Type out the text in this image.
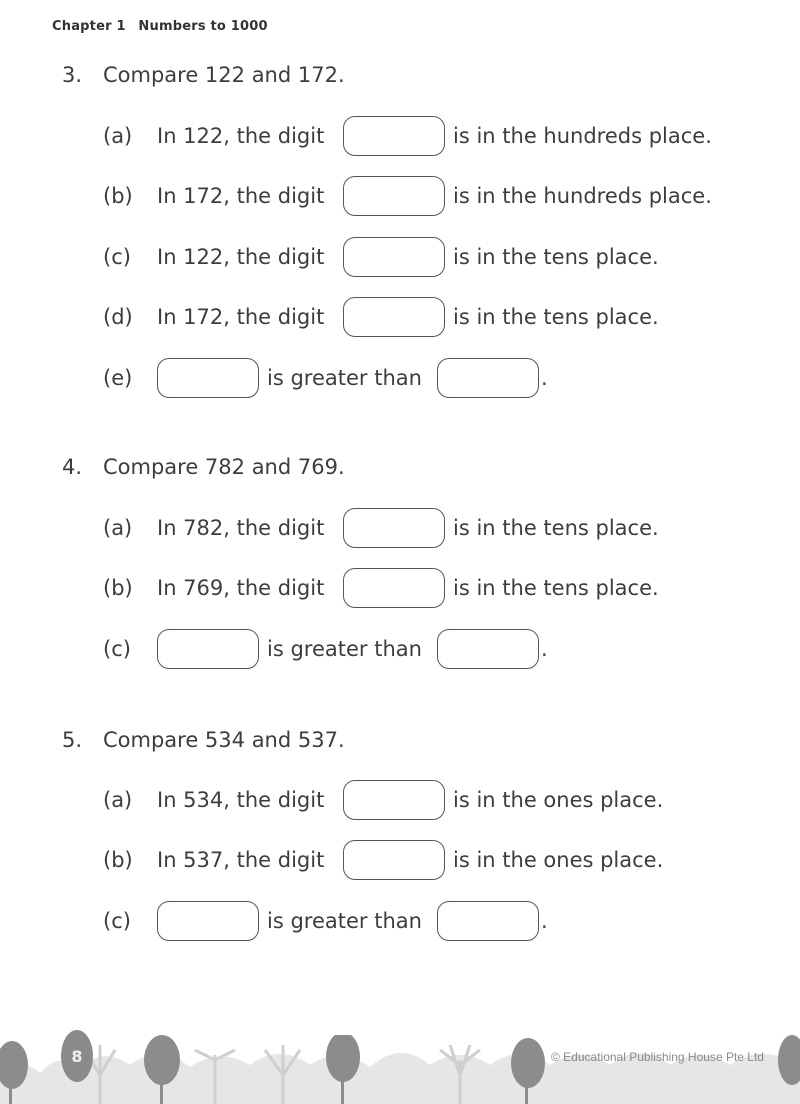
Chapter 1 Numbers to 1000
3. Compare 122 and 172.
(a) In 122, the digit	is in the hundreds place.
(b) In 172, the digit	is in the hundreds place.
(c) In 122, the digit	is in the tens place.
(d) In 172, the digit	is in the tens place.
(e)	is greater than	.
4. Compare 782 and 769.
(a) In 782, the digit	is in the tens place.
(b) In 769, the digit	is in the tens place.
(c)	is greater than	.
5. Compare 534 and 537.
(a) In 534, the digit	is in the ones place.
(b) In 537, the digit	is in the ones place.
(c)	is greater than	.
8	© Educational Publishing House Pte Ltd
